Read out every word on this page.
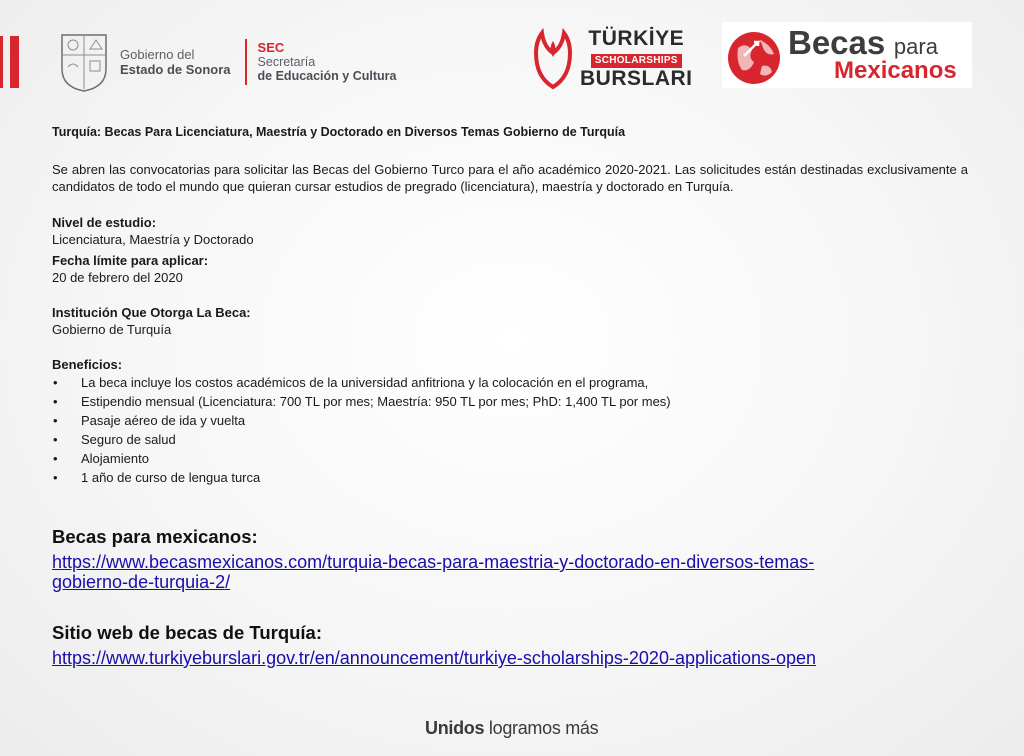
Gobierno del
Estado de Sonora
SEC
Secretaría
de Educación y Cultura
TÜRKİYE
SCHOLARSHIPS
BURSLARI
Becas para
Mexicanos

Turquía: Becas Para Licenciatura, Maestría y Doctorado en Diversos Temas Gobierno de Turquía

Se abren las convocatorias para solicitar las Becas del Gobierno Turco para el año académico 2020-2021. Las solicitudes están destinadas exclusivamente a candidatos de todo el mundo que quieran cursar estudios de pregrado (licenciatura), maestría y doctorado en Turquía.

Nivel de estudio:

Licenciatura, Maestría y Doctorado

Fecha límite para aplicar:

20 de febrero del 2020

Institución Que Otorga La Beca:

Gobierno de Turquía

Beneficios:

• La beca incluye los costos académicos de la universidad anfitriona y la colocación en el programa,
• Estipendio mensual (Licenciatura: 700 TL por mes; Maestría: 950 TL por mes; PhD: 1,400 TL por mes)
• Pasaje aéreo de ida y vuelta
• Seguro de salud
• Alojamiento
• 1 año de curso de lengua turca

Becas para mexicanos:

https://www.becasmexicanos.com/turquia-becas-para-maestria-y-doctorado-en-diversos-temas-
gobierno-de-turquia-2/

Sitio web de becas de Turquía:

https://www.turkiyeburslari.gov.tr/en/announcement/turkiye-scholarships-2020-applications-open
Unidos logramos más
